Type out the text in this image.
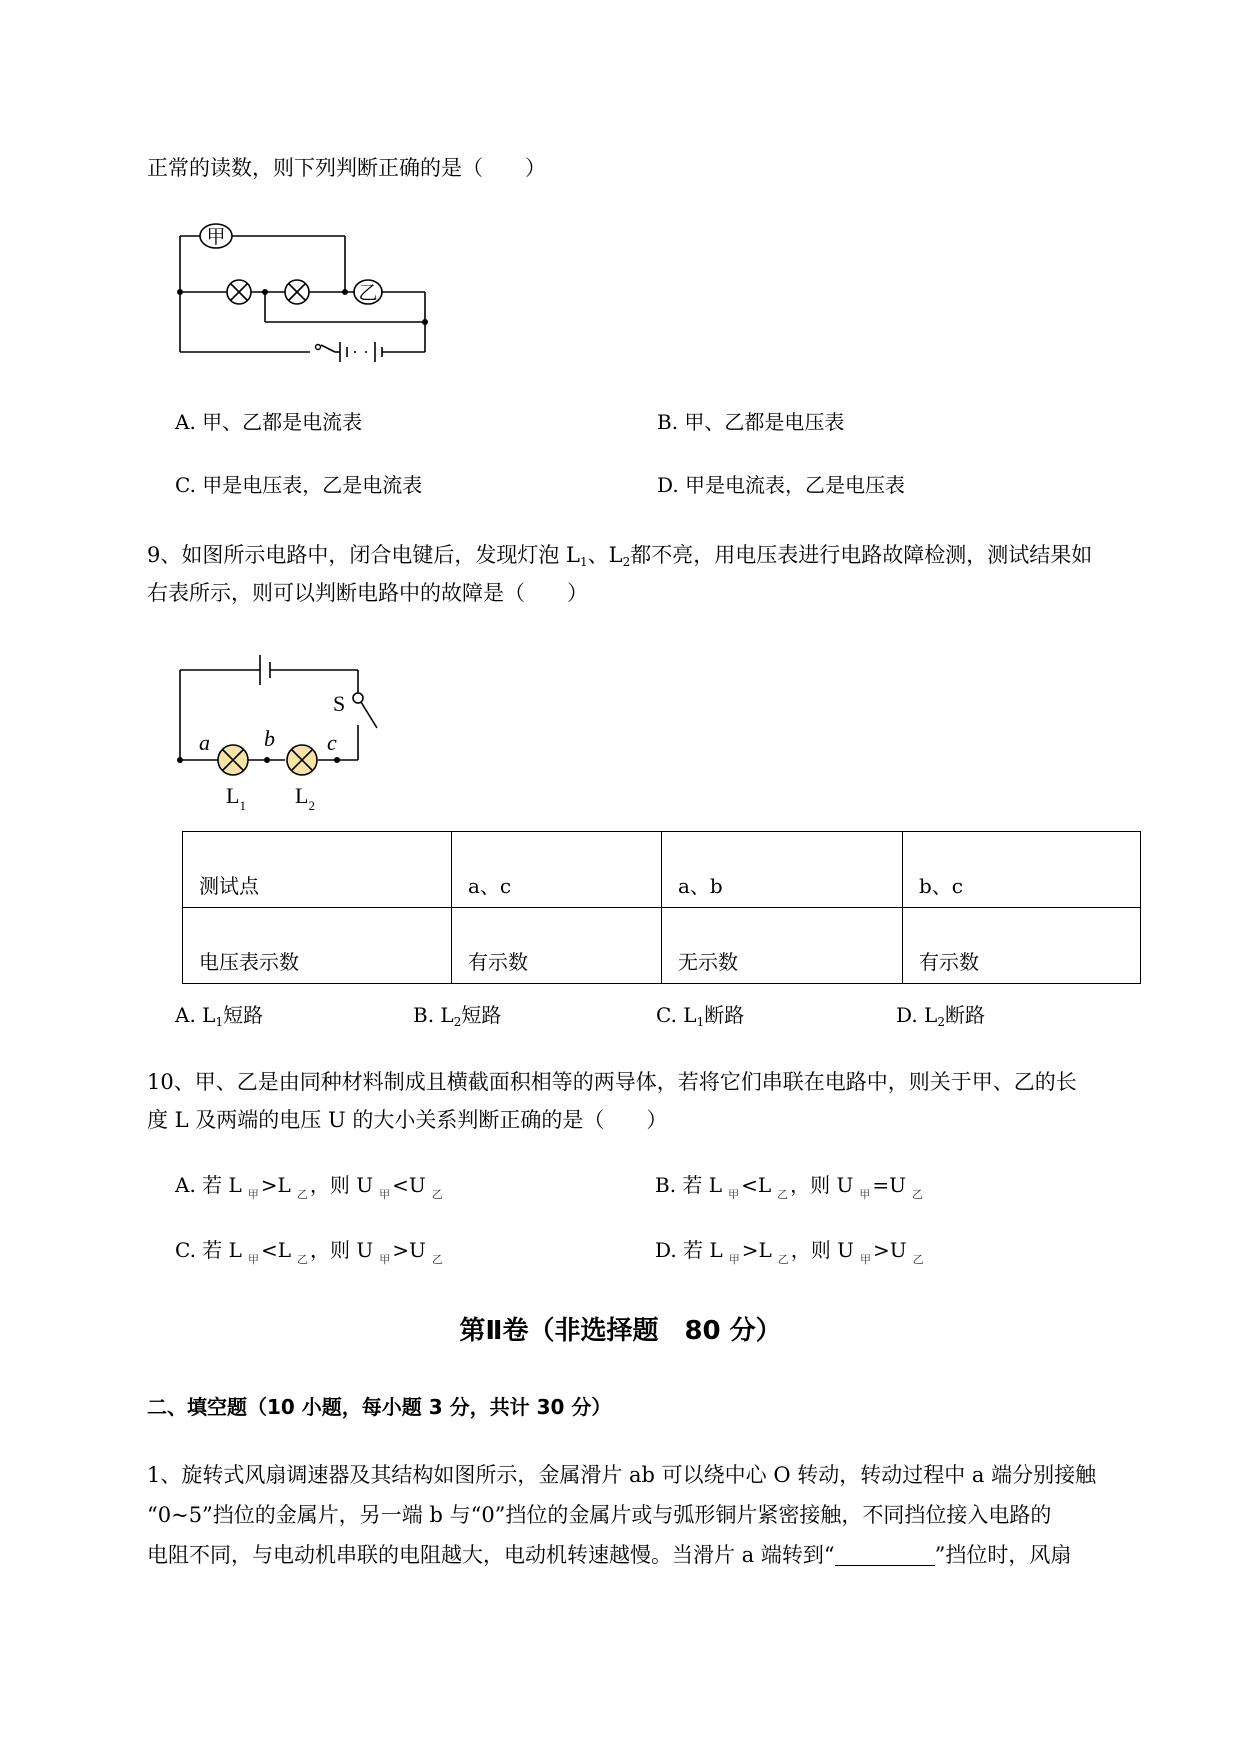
正常的读数，则下列判断正确的是（　　）
甲
乙
A. 甲、乙都是电流表	B. 甲、乙都是电压表
C. 甲是电压表，乙是电流表	D. 甲是电流表，乙是电压表
9、如图所示电路中，闭合电键后，发现灯泡 $L_1$、$L_2$都不亮，用电压表进行电路故障检测，测试结果如
右表所示，则可以判断电路中的故障是（　　）
S
a b c
$L_1$ $L_2$
测试点	a、c	a、b	b、c
电压表示数	有示数	无示数	有示数
A. $L_1$短路	B. $L_2$短路	C. $L_1$断路	D. $L_2$断路
10、甲、乙是由同种材料制成且横截面积相等的两导体，若将它们串联在电路中，则关于甲、乙的长
度 L 及两端的电压 U 的大小关系判断正确的是（　　）
A. 若 L $_甲$ >L $_乙$ ，则 U $_甲$ <U $_乙$	B. 若 L $_甲$ <L $_乙$ ，则 U $_甲$ =U $_乙$
C. 若 L $_甲$ <L $_乙$ ，则 U $_甲$ >U $_乙$	D. 若 L $_甲$ >L $_乙$ ，则 U $_甲$ >U $_乙$
第Ⅱ卷（非选择题　80 分）
二、填空题（10 小题，每小题 3 分，共计 30 分）
1、旋转式风扇调速器及其结构如图所示，金属滑片 ab 可以绕中心 O 转动，转动过程中 a 端分别接触
“0~5”挡位的金属片，另一端 b 与“0”挡位的金属片或与弧形铜片紧密接触，不同挡位接入电路的
电阻不同，与电动机串联的电阻越大，电动机转速越慢。当滑片 a 端转到“	”挡位时，风扇
